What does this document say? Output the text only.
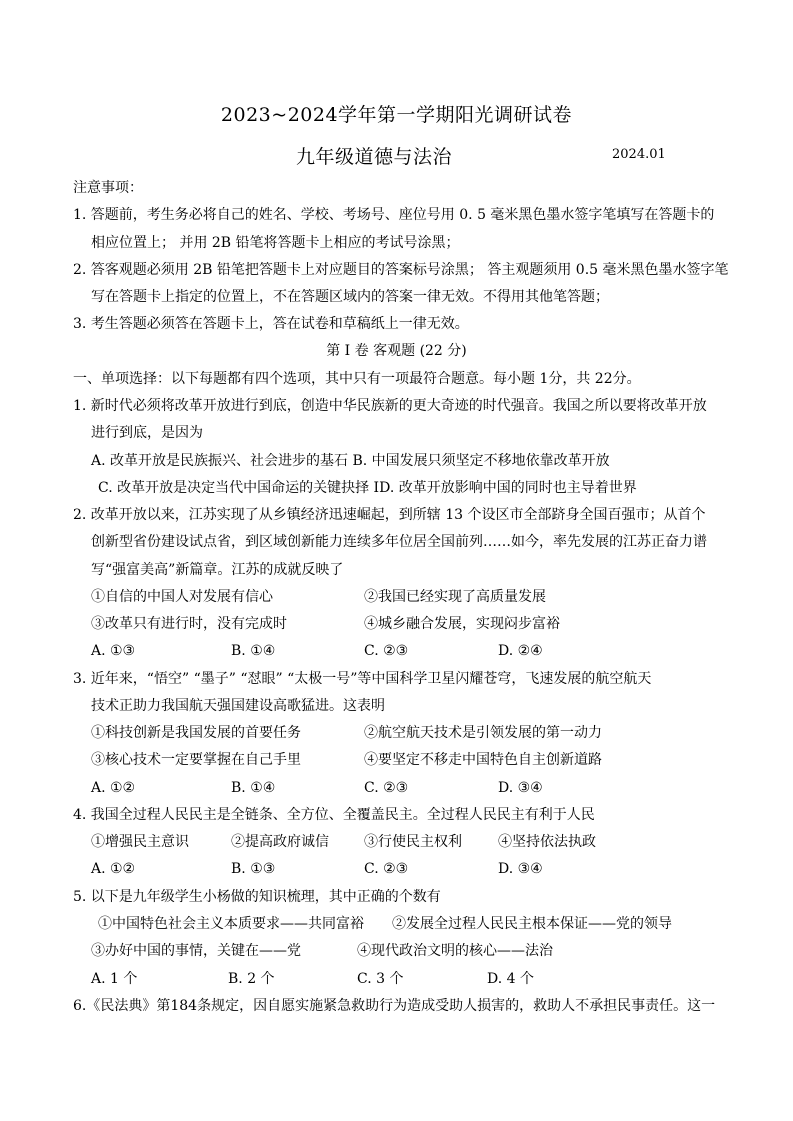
2023~2024学年第一学期阳光调研试卷
九年级道德与法治	2024.01
注意事项：
1. 答题前，考生务必将自己的姓名、学校、考场号、座位号用 0. 5 毫米黑色墨水签字笔填写在答题卡的
相应位置上； 并用 2B 铅笔将答题卡上相应的考试号涂黑；
2. 答客观题必须用 2B 铅笔把答题卡上对应题目的答案标号涂黑； 答主观题须用 0.5 毫米黑色墨水签字笔
写在答题卡上指定的位置上，不在答题区域内的答案一律无效。不得用其他笔答题；
3. 考生答题必须答在答题卡上，答在试卷和草稿纸上一律无效。
第 Ⅰ 卷 客观题 (22 分)
一、单项选择：以下每题都有四个选项，其中只有一项最符合题意。每小题 1分，共 22分。
1. 新时代必须将改革开放进行到底，创造中华民族新的更大奇迹的时代强音。我国之所以要将改革开放
进行到底，是因为
A. 改革开放是民族振兴、社会进步的基石 B. 中国发展只须坚定不移地依靠改革开放
C. 改革开放是决定当代中国命运的关键抉择 ID. 改革开放影响中国的同时也主导着世界
2. 改革开放以来，江苏实现了从乡镇经济迅速崛起，到所辖 13 个设区市全部跻身全国百强市；从首个
创新型省份建设试点省，到区域创新能力连续多年位居全国前列……如今，率先发展的江苏正奋力谱
写“强富美高”新篇章。江苏的成就反映了
①自信的中国人对发展有信心	②我国已经实现了高质量发展
③改革只有进行时，没有完成时	④城乡融合发展，实现闷步富裕
A. ①③	B. ①④	C. ②③	D. ②④
3. 近年来，“悟空” “墨子” “怼眼” “太极一号”等中国科学卫星闪耀苍穹，飞速发展的航空航天
技术正助力我国航天强国建设高歌猛进。这表明
①科技创新是我国发展的首要任务	②航空航天技术是引领发展的第一动力
③核心技术一定要掌握在自己手里	④要坚定不移走中国特色自主创新道路
A. ①②	B. ①④	C. ②③	D. ③④
4. 我国全过程人民民主是全链条、全方位、全覆盖民主。全过程人民民主有利于人民
①增强民主意识	②提高政府诚信	③行使民主权利	④坚持依法执政
A. ①②	B. ①③	C. ②③	D. ③④
5. 以下是九年级学生小杨做的知识梳理，其中正确的个数有
①中国特色社会主义本质要求——共同富裕 ②发展全过程人民民主根本保证——党的领导
③办好中国的事情，关键在——党	④现代政治文明的核心——法治
A. 1 个	B. 2 个	C. 3 个	D. 4 个
6.《民法典》第184条规定，因自愿实施紧急救助行为造成受助人损害的，救助人不承担民事责任。这一
